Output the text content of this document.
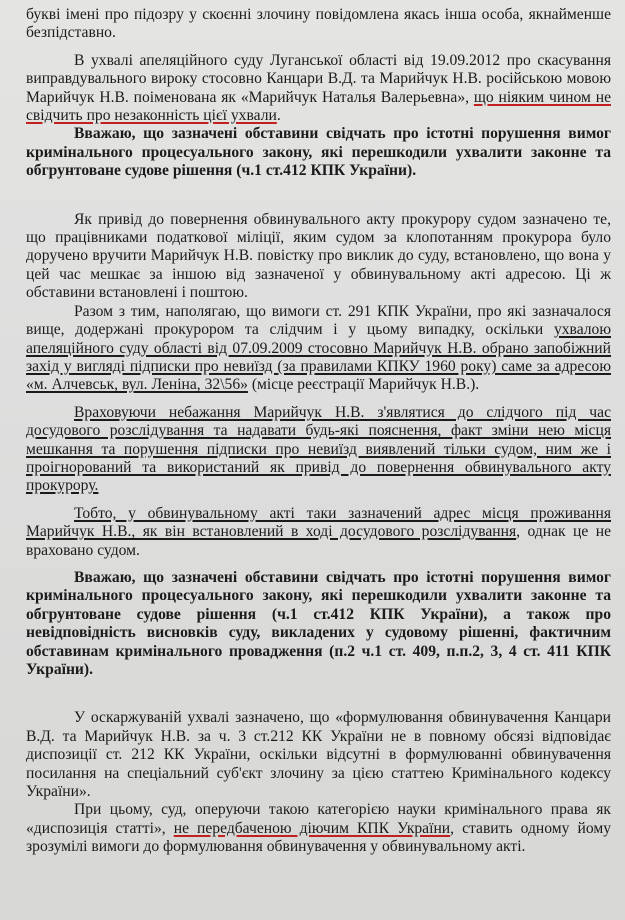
букві імені про підозру у скоєнні злочину повідомлена якась інша особа, якнайменше безпідставно.

В ухвалі апеляційного суду Луганської області від 19.09.2012 про скасування виправдувального вироку стосовно Канцари В.Д. та Марийчук Н.В. російською мовою Марийчук Н.В. поіменована як «Марийчук Наталья Валерьевна», що ніяким чином не свідчить про незаконність цієї ухвали.

Вважаю, що зазначені обставини свідчать про істотні порушення вимог кримінального процесуального закону, які перешкодили ухвалити законне та обгрунтоване судове рішення (ч.1 ст.412 КПК України).

Як привід до повернення обвинувального акту прокурору судом зазначено те, що працівниками податкової міліції, яким судом за клопотанням прокурора було доручено вручити Марийчук Н.В. повістку про виклик до суду, встановлено, що вона у цей час мешкає за іншою від зазначеної у обвинувальному акті адресою. Ці ж обставини встановлені і поштою.

Разом з тим, наполягаю, що вимоги ст. 291 КПК України, про які зазначалося вище, додержані прокурором та слідчим і у цьому випадку, оскільки ухвалою апеляційного суду області від 07.09.2009 стосовно Марийчук Н.В. обрано запобіжний захід у вигляді підписки про невиїзд (за правилами КПКУ 1960 року) саме за адресою «м. Алчевськ, вул. Леніна, 32\56» (місце реєстрації Марийчук Н.В.).

Враховуючи небажання Марийчук Н.В. з'являтися до слідчого під час досудового розслідування та надавати будь-які пояснення, факт зміни нею місця мешкання та порушення підписки про невиїзд виявлений тільки судом, ним же і проігнорований та використаний як привід до повернення обвинувального акту прокурору.

Тобто, у обвинувальному акті таки зазначений адрес місця проживання Марийчук Н.В., як він встановлений в ході досудового розслідування, однак це не враховано судом.

Вважаю, що зазначені обставини свідчать про істотні порушення вимог кримінального процесуального закону, які перешкодили ухвалити законне та обгрунтоване судове рішення (ч.1 ст.412 КПК України), а також про невідповідність висновків суду, викладених у судовому рішенні, фактичним обставинам кримінального провадження (п.2 ч.1 ст. 409, п.п.2, 3, 4 ст. 411 КПК України).

У оскаржуваній ухвалі зазначено, що «формулювання обвинувачення Канцари В.Д. та Марийчук Н.В. за ч. 3 ст.212 КК України не в повному обсязі відповідає диспозиції ст. 212 КК України, оскільки відсутні в формулюванні обвинувачення посилання на спеціальний суб'єкт злочину за цією статтею Кримінального кодексу України».

При цьому, суд, оперуючи такою категорією науки кримінального права як «диспозиція статті», не передбаченою діючим КПК України, ставить одному йому зрозумілі вимоги до формулювання обвинувачення у обвинувальному акті.
